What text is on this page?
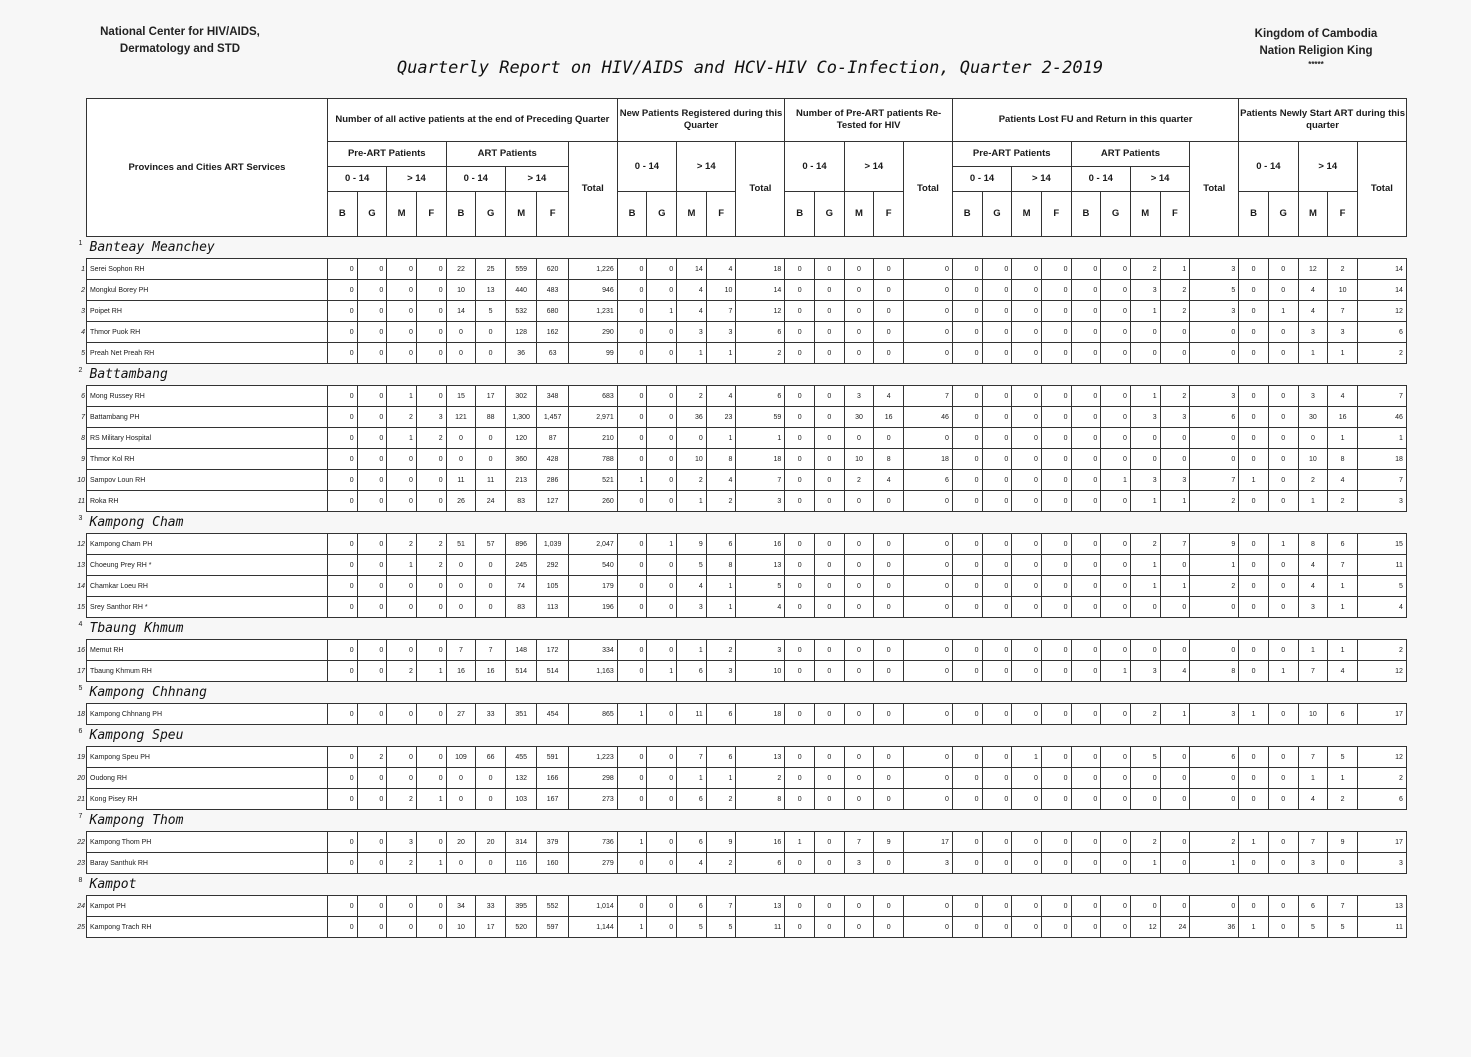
National Center for HIV/AIDS,
Dermatology and STD
Kingdom of Cambodia
Nation Religion King
*****
Quarterly Report on HIV/AIDS and HCV-HIV Co-Infection, Quarter 2-2019
Provinces and Cities ART Services	Number of all active patients at the end of Preceding Quarter									New Patients Registered during this Quarter					Number of Pre-ART patients Re-Tested for HIV					Patients Lost FU and Return in this quarter									Patients Newly Start ART during this quarter				
	Pre-ART Patients				ART Patients				Total	0 - 14		> 14		Total	0 - 14		> 14		Total	Pre-ART Patients				ART Patients				Total	0 - 14		> 14		Total
	0 - 14		> 14		0 - 14		> 14													0 - 14		> 14		0 - 14		> 14							
	B	G	M	F	B	G	M	F		B	G	M	F		B	G	M	F		B	G	M	F	B	G	M	F		B	G	M	F	

1 Banteay Meanchey																																	

1 Serei Sophon RH	0	0	0	0	22	25	559	620	1,226	0	0	14	4	18	0	0	0	0	0	0	0	0	0	0	0	2	1	3	0	0	12	2	14

2 Mongkul Borey PH	0	0	0	0	10	13	440	483	946	0	0	4	10	14	0	0	0	0	0	0	0	0	0	0	0	3	2	5	0	0	4	10	14

3 Poipet RH	0	0	0	0	14	5	532	680	1,231	0	1	4	7	12	0	0	0	0	0	0	0	0	0	0	0	1	2	3	0	1	4	7	12

4 Thmor Puok RH	0	0	0	0	0	0	128	162	290	0	0	3	3	6	0	0	0	0	0	0	0	0	0	0	0	0	0	0	0	0	3	3	6

5 Preah Net Preah RH	0	0	0	0	0	0	36	63	99	0	0	1	1	2	0	0	0	0	0	0	0	0	0	0	0	0	0	0	0	0	1	1	2

2 Battambang																																	

6 Mong Russey RH	0	0	1	0	15	17	302	348	683	0	0	2	4	6	0	0	3	4	7	0	0	0	0	0	0	1	2	3	0	0	3	4	7

7 Battambang PH	0	0	2	3	121	88	1,300	1,457	2,971	0	0	36	23	59	0	0	30	16	46	0	0	0	0	0	0	3	3	6	0	0	30	16	46

8 RS Military Hospital	0	0	1	2	0	0	120	87	210	0	0	0	1	1	0	0	0	0	0	0	0	0	0	0	0	0	0	0	0	0	0	1	1

9 Thmor Kol RH	0	0	0	0	0	0	360	428	788	0	0	10	8	18	0	0	10	8	18	0	0	0	0	0	0	0	0	0	0	0	10	8	18

10 Sampov Loun RH	0	0	0	0	11	11	213	286	521	1	0	2	4	7	0	0	2	4	6	0	0	0	0	0	1	3	3	7	1	0	2	4	7

11 Roka RH	0	0	0	0	26	24	83	127	260	0	0	1	2	3	0	0	0	0	0	0	0	0	0	0	0	1	1	2	0	0	1	2	3

3 Kampong Cham																																	

12 Kampong Cham PH	0	0	2	2	51	57	896	1,039	2,047	0	1	9	6	16	0	0	0	0	0	0	0	0	0	0	0	2	7	9	0	1	8	6	15

13 Choeung Prey RH *	0	0	1	2	0	0	245	292	540	0	0	5	8	13	0	0	0	0	0	0	0	0	0	0	0	1	0	1	0	0	4	7	11

14 Chamkar Loeu RH	0	0	0	0	0	0	74	105	179	0	0	4	1	5	0	0	0	0	0	0	0	0	0	0	0	1	1	2	0	0	4	1	5

15 Srey Santhor RH *	0	0	0	0	0	0	83	113	196	0	0	3	1	4	0	0	0	0	0	0	0	0	0	0	0	0	0	0	0	0	3	1	4

4 Tbaung Khmum																																	

16 Memut RH	0	0	0	0	7	7	148	172	334	0	0	1	2	3	0	0	0	0	0	0	0	0	0	0	0	0	0	0	0	0	1	1	2

17 Tbaung Khmum RH	0	0	2	1	16	16	514	514	1,163	0	1	6	3	10	0	0	0	0	0	0	0	0	0	0	1	3	4	8	0	1	7	4	12

5 Kampong Chhnang																																	

18 Kampong Chhnang PH	0	0	0	0	27	33	351	454	865	1	0	11	6	18	0	0	0	0	0	0	0	0	0	0	0	2	1	3	1	0	10	6	17

6 Kampong Speu																																	

19 Kampong Speu PH	0	2	0	0	109	66	455	591	1,223	0	0	7	6	13	0	0	0	0	0	0	0	1	0	0	0	5	0	6	0	0	7	5	12

20 Oudong RH	0	0	0	0	0	0	132	166	298	0	0	1	1	2	0	0	0	0	0	0	0	0	0	0	0	0	0	0	0	0	1	1	2

21 Kong Pisey RH	0	0	2	1	0	0	103	167	273	0	0	6	2	8	0	0	0	0	0	0	0	0	0	0	0	0	0	0	0	0	4	2	6

7 Kampong Thom																																	

22 Kampong Thom PH	0	0	3	0	20	20	314	379	736	1	0	6	9	16	1	0	7	9	17	0	0	0	0	0	0	2	0	2	1	0	7	9	17

23 Baray Santhuk RH	0	0	2	1	0	0	116	160	279	0	0	4	2	6	0	0	3	0	3	0	0	0	0	0	0	1	0	1	0	0	3	0	3

8 Kampot																																	

24 Kampot PH	0	0	0	0	34	33	395	552	1,014	0	0	6	7	13	0	0	0	0	0	0	0	0	0	0	0	0	0	0	0	0	6	7	13

25 Kampong Trach RH	0	0	0	0	10	17	520	597	1,144	1	0	5	5	11	0	0	0	0	0	0	0	0	0	0	0	12	24	36	1	0	5	5	11
